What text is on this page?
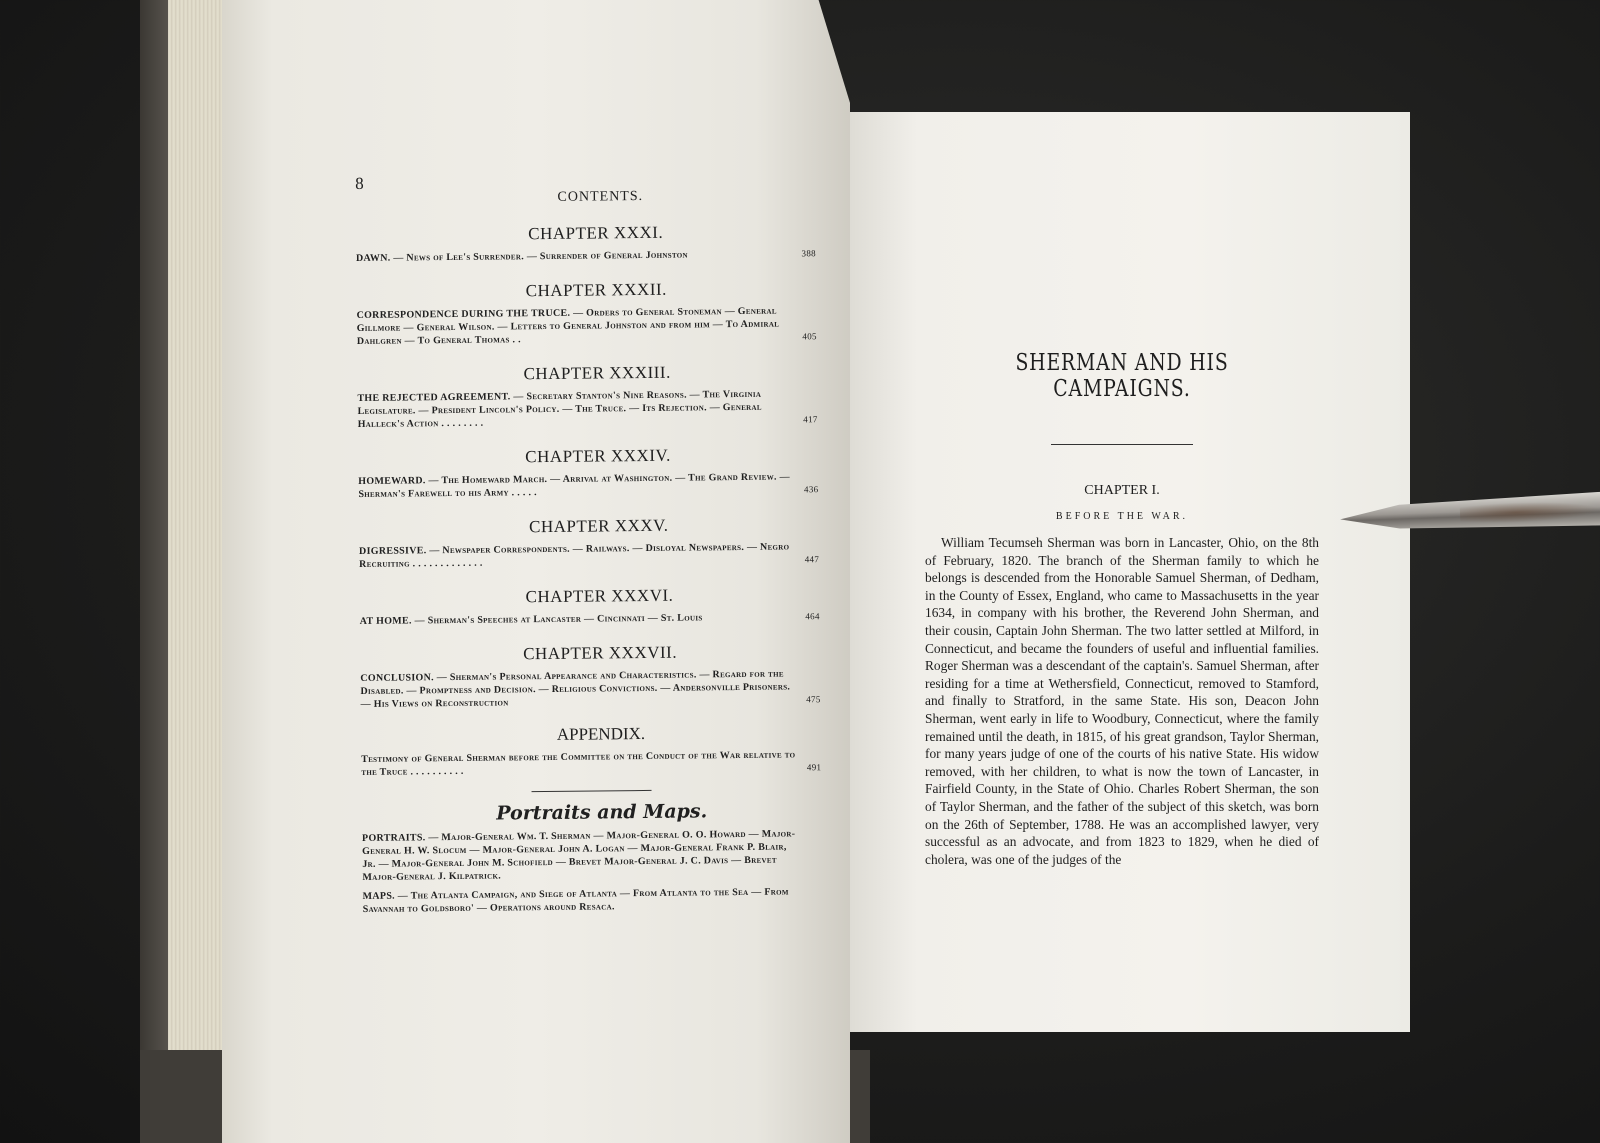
8
CONTENTS.
CHAPTER XXXI.
DAWN. — News of Lee's Surrender. — Surrender of General Johnston	388
CHAPTER XXXII.
CORRESPONDENCE DURING THE TRUCE. — Orders to General Stoneman — General Gillmore — General Wilson. — Letters to General Johnston and from him — To Admiral Dahlgren — To General Thomas . .	405
CHAPTER XXXIII.
THE REJECTED AGREEMENT. — Secretary Stanton's Nine Reasons. — The Virginia Legislature. — President Lincoln's Policy. — The Truce. — Its Rejection. — General Halleck's Action . . . . . . . .	417
CHAPTER XXXIV.
HOMEWARD. — The Homeward March. — Arrival at Washington. — The Grand Review. — Sherman's Farewell to his Army . . . . .	436
CHAPTER XXXV.
DIGRESSIVE. — Newspaper Correspondents. — Railways. — Disloyal Newspapers. — Negro Recruiting . . . . . . . . . . . . .	447
CHAPTER XXXVI.
AT HOME. — Sherman's Speeches at Lancaster — Cincinnati — St. Louis	464
CHAPTER XXXVII.
CONCLUSION. — Sherman's Personal Appearance and Characteristics. — Regard for the Disabled. — Promptness and Decision. — Religious Convictions. — Andersonville Prisoners. — His Views on Reconstruction	475
APPENDIX.
Testimony of General Sherman before the Committee on the Conduct of the War relative to the Truce . . . . . . . . . .	491
Portraits and Maps.
PORTRAITS. — Major-General Wm. T. Sherman — Major-General O. O. Howard — Major-General H. W. Slocum — Major-General John A. Logan — Major-General Frank P. Blair, Jr. — Major-General John M. Schofield — Brevet Major-General J. C. Davis — Brevet Major-General J. Kilpatrick.
MAPS. — The Atlanta Campaign, and Siege of Atlanta — From Atlanta to the Sea — From Savannah to Goldsboro' — Operations around Resaca.
SHERMAN AND HIS CAMPAIGNS.
CHAPTER I.
BEFORE THE WAR.
William Tecumseh Sherman was born in Lancaster, Ohio, on the 8th of February, 1820. The branch of the Sherman family to which he belongs is descended from the Honorable Samuel Sherman, of Dedham, in the County of Essex, England, who came to Massachusetts in the year 1634, in company with his brother, the Reverend John Sherman, and their cousin, Captain John Sherman. The two latter settled at Milford, in Connecticut, and became the founders of useful and influential families. Roger Sherman was a descendant of the captain's. Samuel Sherman, after residing for a time at Wethersfield, Connecticut, removed to Stamford, and finally to Stratford, in the same State. His son, Deacon John Sherman, went early in life to Woodbury, Connecticut, where the family remained until the death, in 1815, of his great grandson, Taylor Sherman, for many years judge of one of the courts of his native State. His widow removed, with her children, to what is now the town of Lancaster, in Fairfield County, in the State of Ohio. Charles Robert Sherman, the son of Taylor Sherman, and the father of the subject of this sketch, was born on the 26th of September, 1788. He was an accomplished lawyer, very successful as an advocate, and from 1823 to 1829, when he died of cholera, was one of the judges of the
